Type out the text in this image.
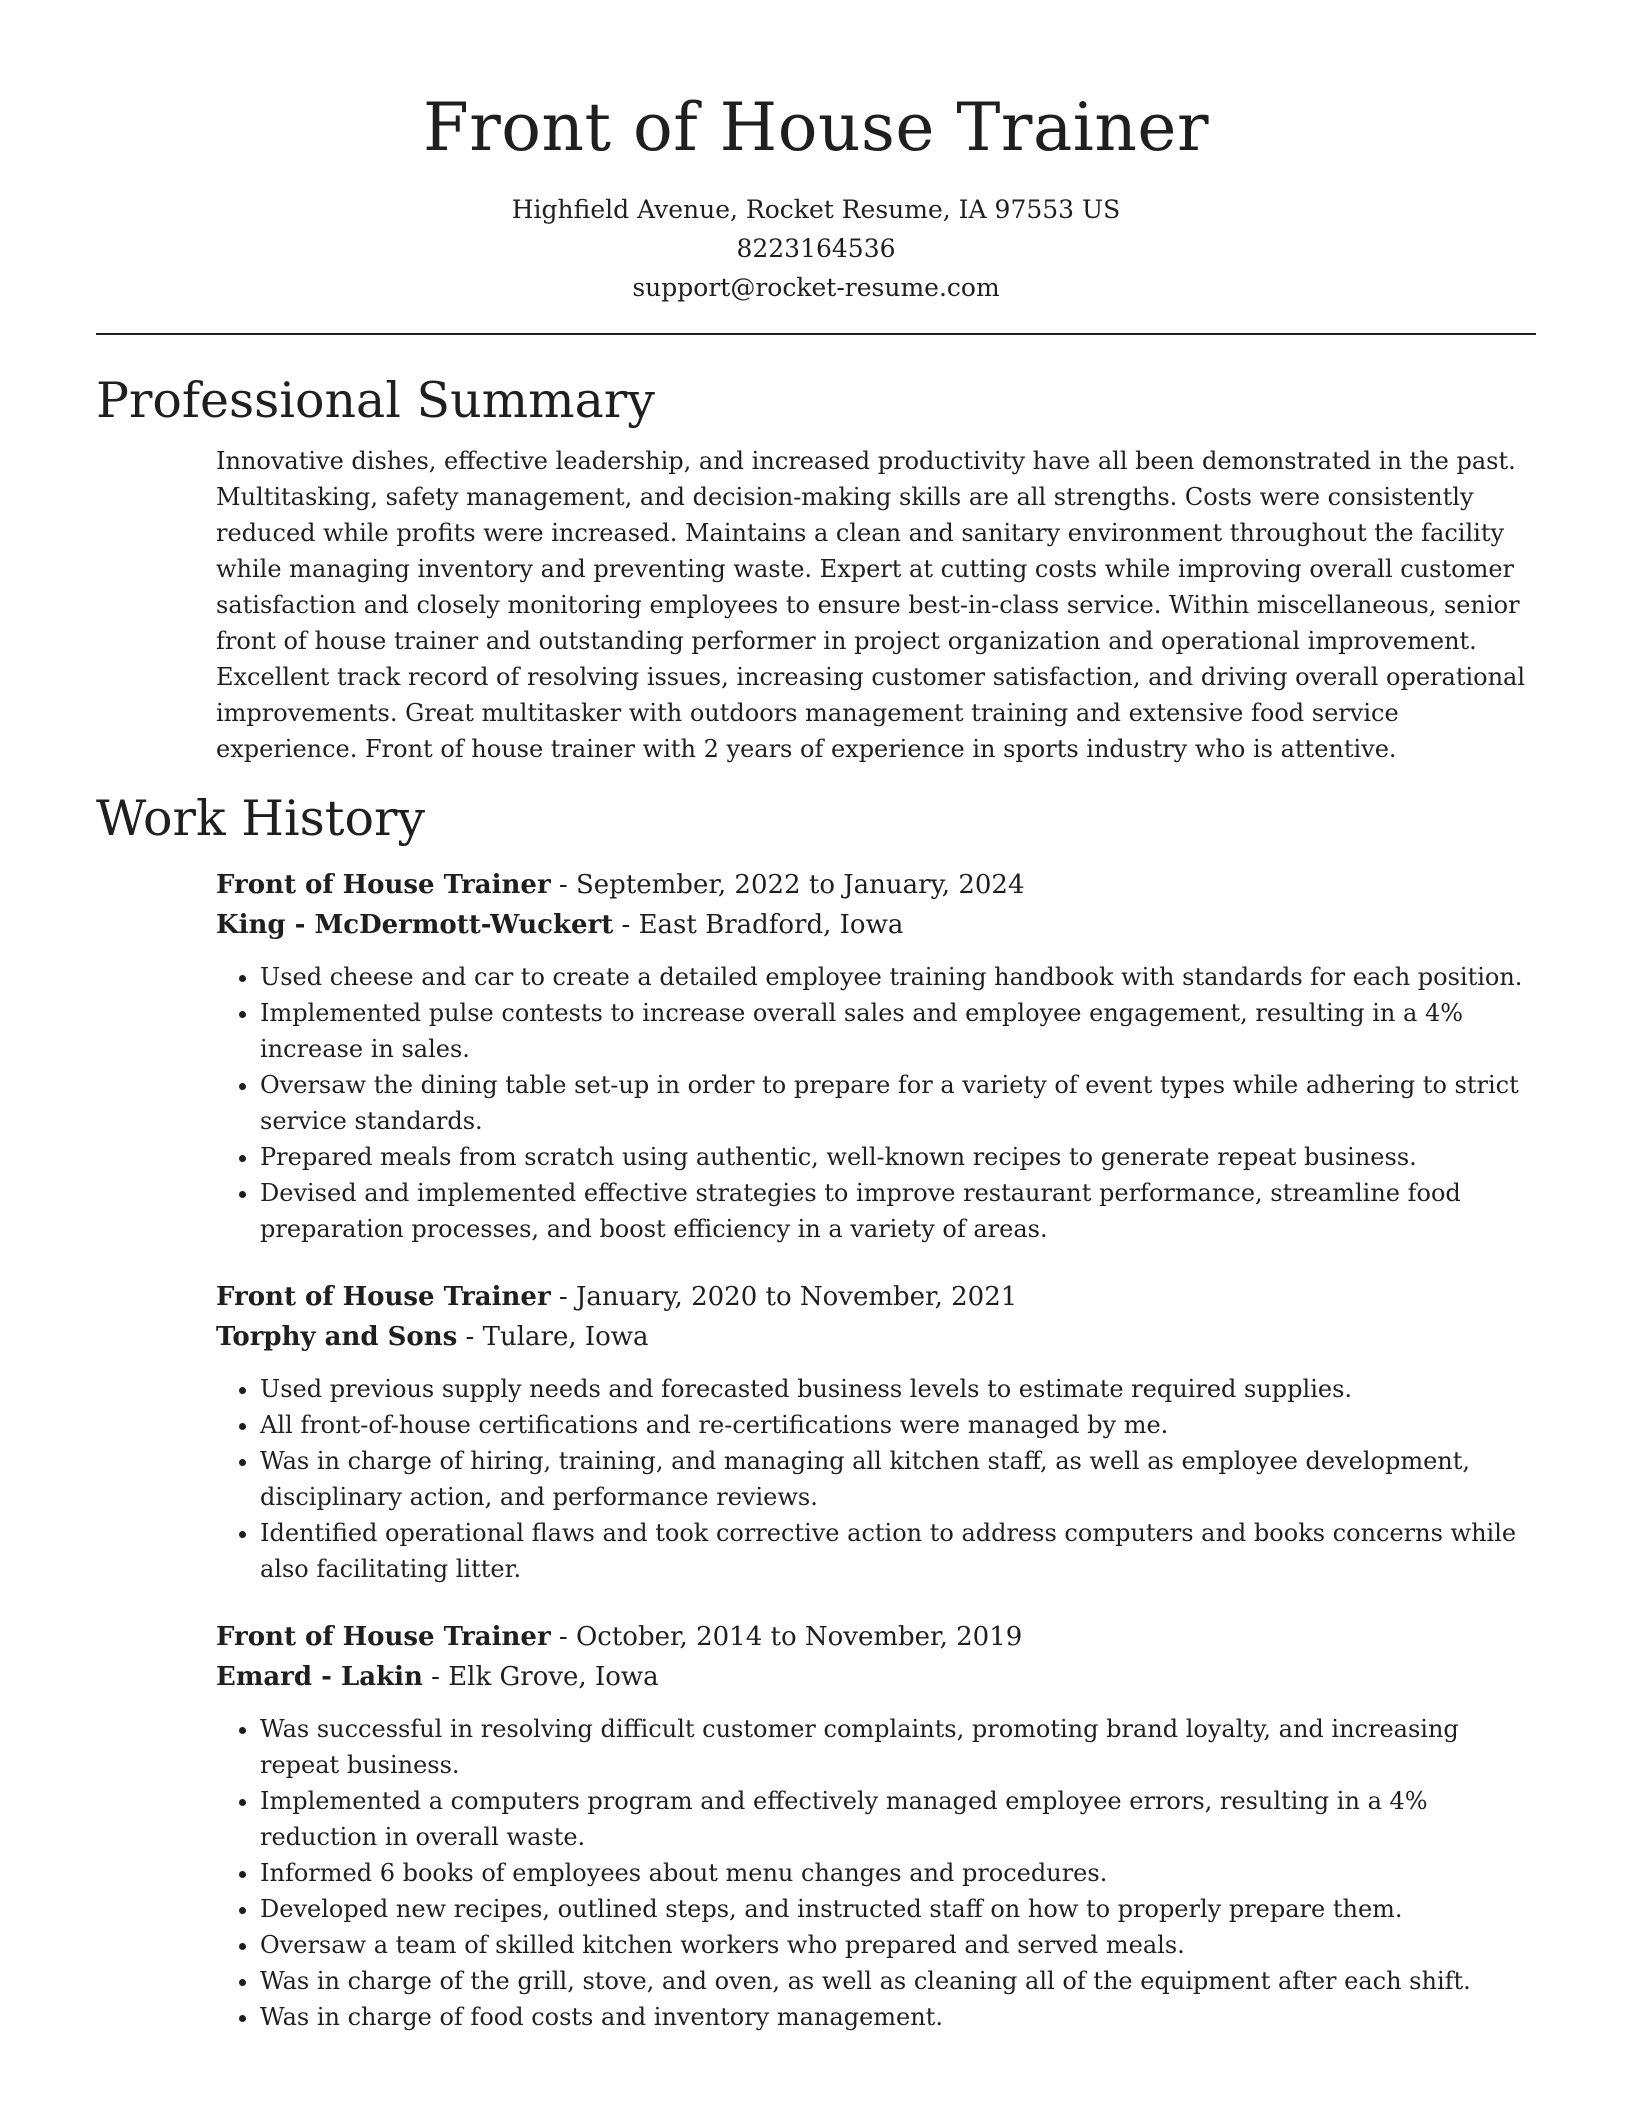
Front of House Trainer
Highfield Avenue, Rocket Resume, IA 97553 US
8223164536
support@rocket-resume.com
Professional Summary
Innovative dishes, effective leadership, and increased productivity have all been demonstrated in the past. Multitasking, safety management, and decision-making skills are all strengths. Costs were consistently reduced while profits were increased. Maintains a clean and sanitary environment throughout the facility while managing inventory and preventing waste. Expert at cutting costs while improving overall customer satisfaction and closely monitoring employees to ensure best-in-class service. Within miscellaneous, senior front of house trainer and outstanding performer in project organization and operational improvement. Excellent track record of resolving issues, increasing customer satisfaction, and driving overall operational improvements. Great multitasker with outdoors management training and extensive food service experience. Front of house trainer with 2 years of experience in sports industry who is attentive.
Work History
Front of House Trainer - September, 2022 to January, 2024
King - McDermott-Wuckert - East Bradford, Iowa
• Used cheese and car to create a detailed employee training handbook with standards for each position.
• Implemented pulse contests to increase overall sales and employee engagement, resulting in a 4% increase in sales.
• Oversaw the dining table set-up in order to prepare for a variety of event types while adhering to strict service standards.
• Prepared meals from scratch using authentic, well-known recipes to generate repeat business.
• Devised and implemented effective strategies to improve restaurant performance, streamline food preparation processes, and boost efficiency in a variety of areas.
Front of House Trainer - January, 2020 to November, 2021
Torphy and Sons - Tulare, Iowa
• Used previous supply needs and forecasted business levels to estimate required supplies.
• All front-of-house certifications and re-certifications were managed by me.
• Was in charge of hiring, training, and managing all kitchen staff, as well as employee development, disciplinary action, and performance reviews.
• Identified operational flaws and took corrective action to address computers and books concerns while also facilitating litter.
Front of House Trainer - October, 2014 to November, 2019
Emard - Lakin - Elk Grove, Iowa
• Was successful in resolving difficult customer complaints, promoting brand loyalty, and increasing repeat business.
• Implemented a computers program and effectively managed employee errors, resulting in a 4% reduction in overall waste.
• Informed 6 books of employees about menu changes and procedures.
• Developed new recipes, outlined steps, and instructed staff on how to properly prepare them.
• Oversaw a team of skilled kitchen workers who prepared and served meals.
• Was in charge of the grill, stove, and oven, as well as cleaning all of the equipment after each shift.
• Was in charge of food costs and inventory management.
